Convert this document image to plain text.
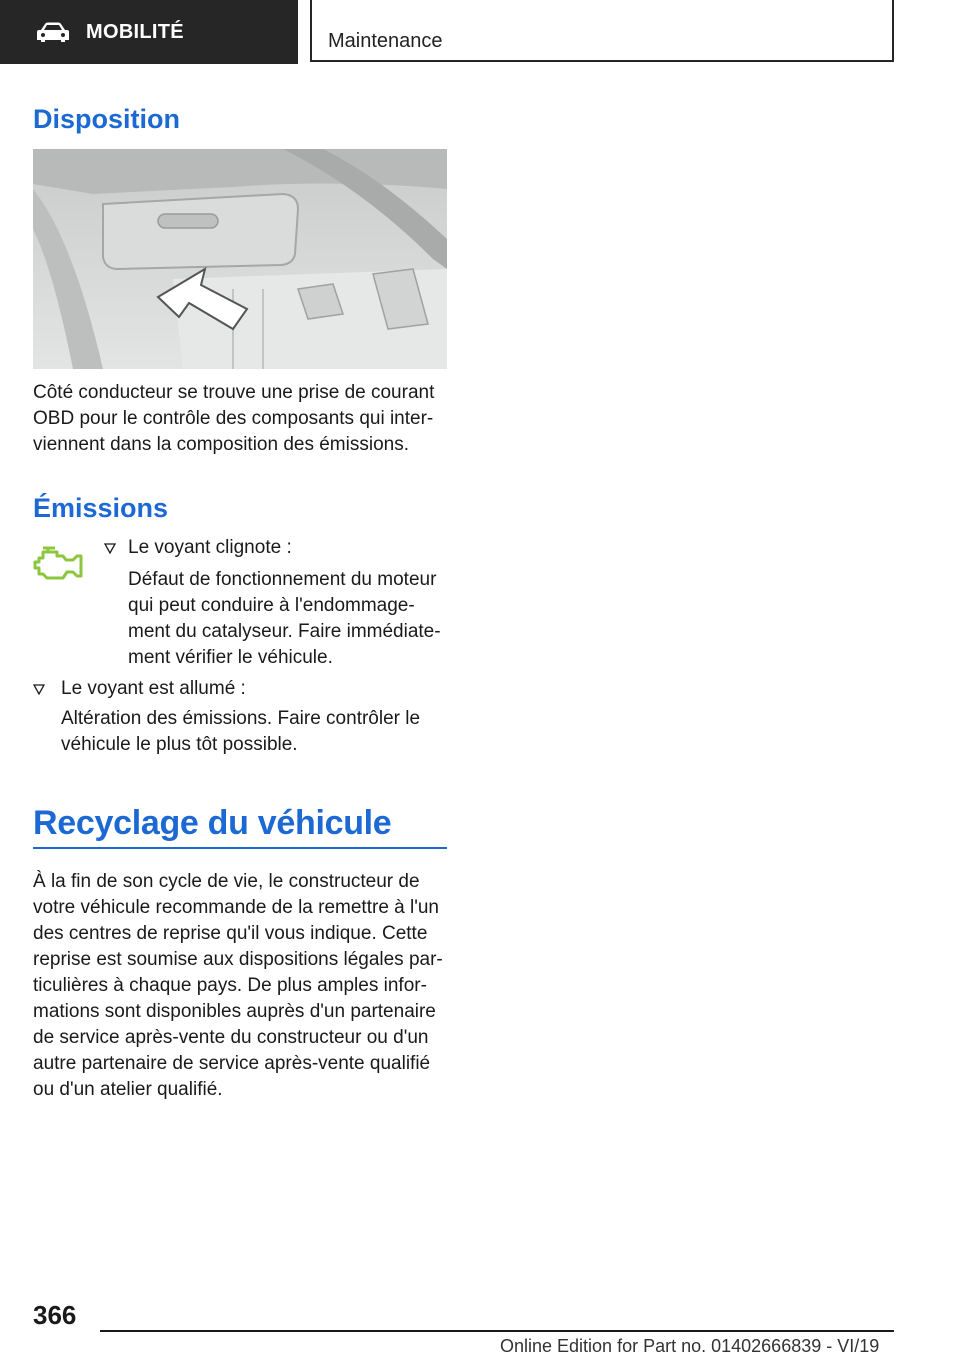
MOBILITÉ	Maintenance
Disposition

Côté conducteur se trouve une prise de courant OBD pour le contrôle des composants qui inter-viennent dans la composition des émissions.

Émissions

Le voyant clignote :

Défaut de fonctionnement du moteur qui peut conduire à l'endommage-ment du catalyseur. Faire immédiate-ment vérifier le véhicule.

Le voyant est allumé :

Altération des émissions. Faire contrôler le véhicule le plus tôt possible.

Recyclage du véhicule

À la fin de son cycle de vie, le constructeur de votre véhicule recommande de la remettre à l'un des centres de reprise qu'il vous indique. Cette reprise est soumise aux dispositions légales par-ticulières à chaque pays. De plus amples infor-mations sont disponibles auprès d'un partenaire de service après-vente du constructeur ou d'un autre partenaire de service après-vente qualifié ou d'un atelier qualifié.

366
Online Edition for Part no. 01402666839 - VI/19
